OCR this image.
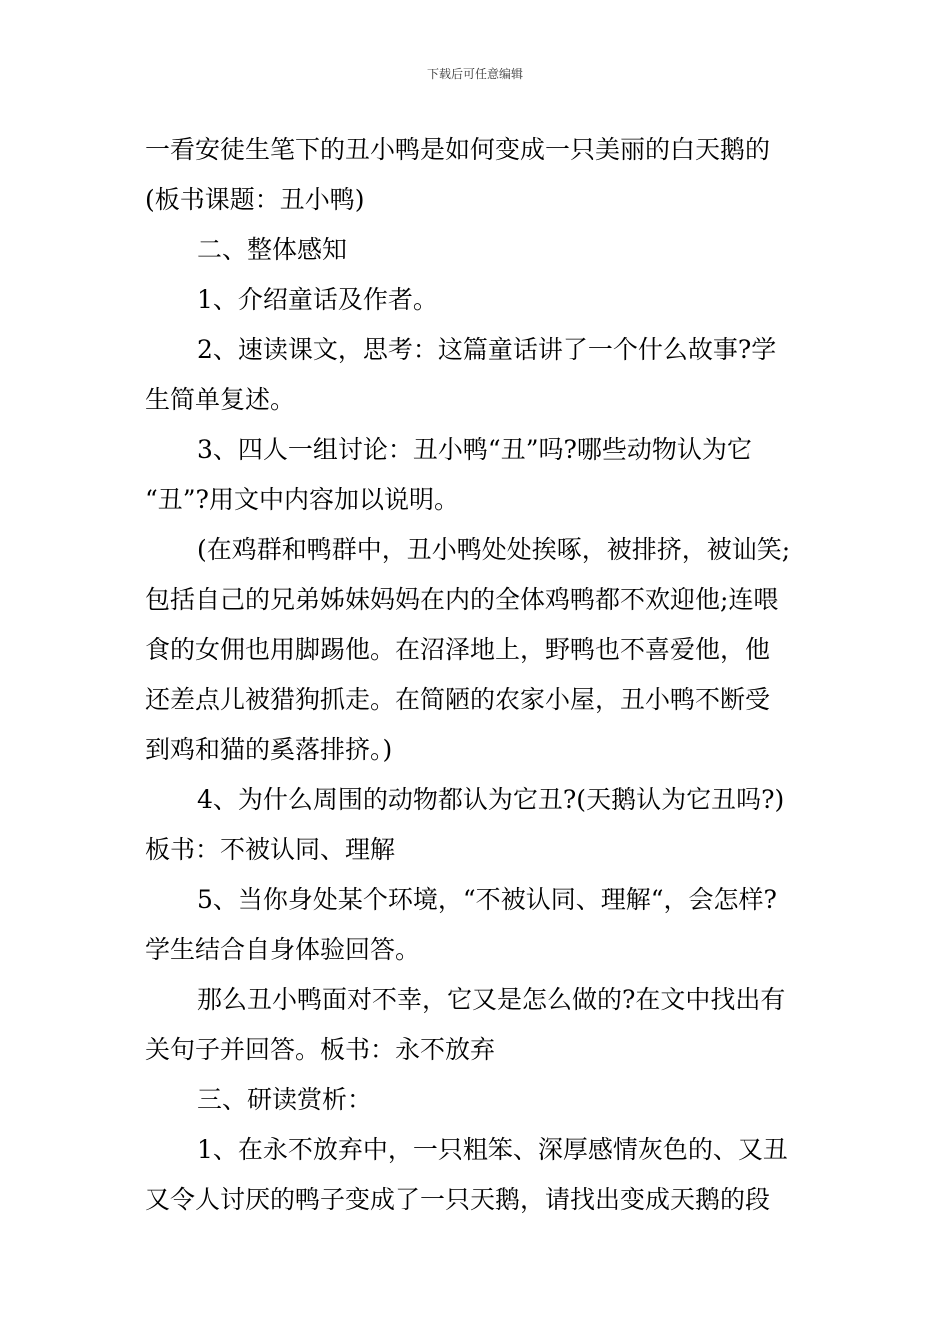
下载后可任意编辑
一看安徒生笔下的丑小鸭是如何变成一只美丽的白天鹅的
(板书课题：丑小鸭)
二、整体感知
1、介绍童话及作者。
2、速读课文，思考：这篇童话讲了一个什么故事?学
生简单复述。
3、四人一组讨论：丑小鸭“丑”吗?哪些动物认为它
“丑”?用文中内容加以说明。
(在鸡群和鸭群中，丑小鸭处处挨啄，被排挤，被讪笑;
包括自己的兄弟姊妹妈妈在内的全体鸡鸭都不欢迎他;连喂
食的女佣也用脚踢他。在沼泽地上，野鸭也不喜爱他，他
还差点儿被猎狗抓走。在简陋的农家小屋，丑小鸭不断受
到鸡和猫的奚落排挤。)
4、为什么周围的动物都认为它丑?(天鹅认为它丑吗?)
板书：不被认同、理解
5、当你身处某个环境，“不被认同、理解“，会怎样?
学生结合自身体验回答。
那么丑小鸭面对不幸，它又是怎么做的?在文中找出有
关句子并回答。板书：永不放弃
三、研读赏析：
1、在永不放弃中，一只粗笨、深厚感情灰色的、又丑
又令人讨厌的鸭子变成了一只天鹅，请找出变成天鹅的段
